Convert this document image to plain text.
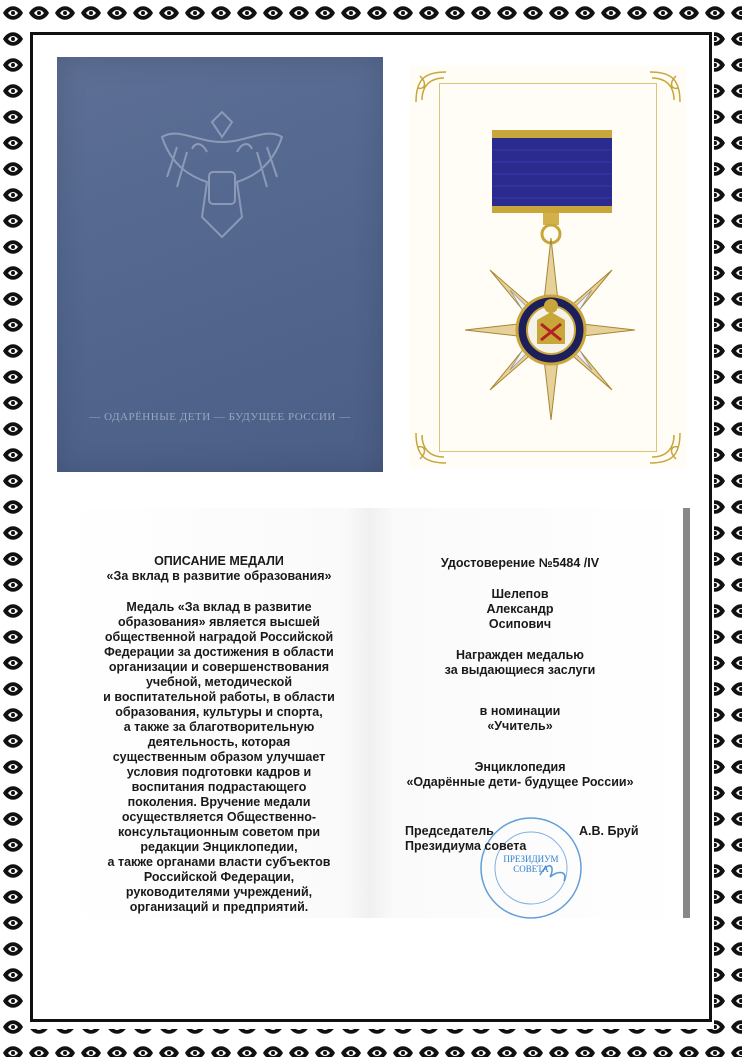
— ОДАРЁННЫЕ ДЕТИ — БУДУЩЕЕ РОССИИ —
ОПИСАНИЕ МЕДАЛИ
«За вклад в развитие образования»
Медаль «За вклад в развитие
образования» является высшей
общественной наградой Российской
Федерации за достижения в области
организации и совершенствования
учебной, методической
и воспитательной работы, в области
образования, культуры и спорта,
а также за благотворительную
деятельность, которая
существенным образом улучшает
условия подготовки кадров и
воспитания подрастающего
поколения. Вручение медали
осуществляется Общественно-
консультационным советом при
редакции Энциклопедии,
а также органами власти субъектов
Российской Федерации,
руководителями учреждений,
организаций и предприятий.

Удостоверение №5484 /IV

Шелепов

Александр

Осипович

Награжден медалью

за выдающиеся заслуги

в номинации

«Учитель»

Энциклопедия

«Одарённые дети- будущее России»

ПРЕЗИДИУМ
СОВЕТА
Председатель	А.В. Бруй
Президиума совета
